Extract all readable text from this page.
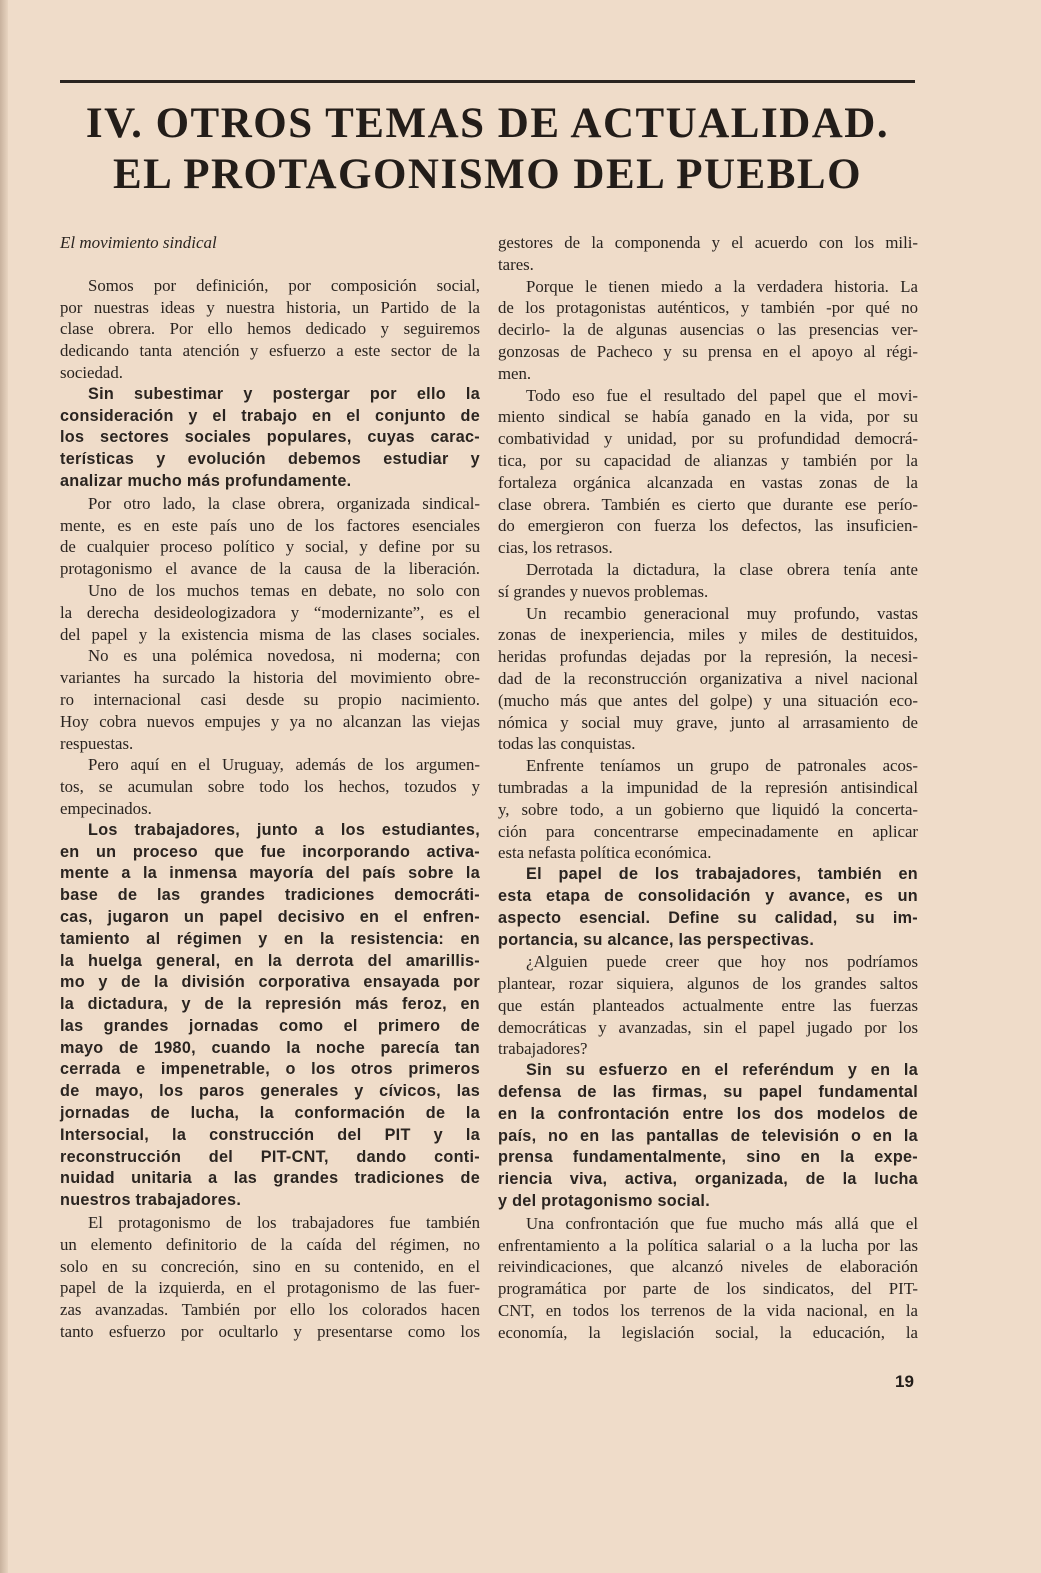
IV. OTROS TEMAS DE ACTUALIDAD.
EL PROTAGONISMO DEL PUEBLO
El movimiento sindical
Somos por definición, por composición social,
por nuestras ideas y nuestra historia, un Partido de la
clase obrera. Por ello hemos dedicado y seguiremos
dedicando tanta atención y esfuerzo a este sector de la
sociedad.
Sin subestimar y postergar por ello la
consideración y el trabajo en el conjunto de
los sectores sociales populares, cuyas carac-
terísticas y evolución debemos estudiar y
analizar mucho más profundamente.
Por otro lado, la clase obrera, organizada sindical-
mente, es en este país uno de los factores esenciales
de cualquier proceso político y social, y define por su
protagonismo el avance de la causa de la liberación.
Uno de los muchos temas en debate, no solo con
la derecha desideologizadora y “modernizante”, es el
del papel y la existencia misma de las clases sociales.
No es una polémica novedosa, ni moderna; con
variantes ha surcado la historia del movimiento obre-
ro internacional casi desde su propio nacimiento.
Hoy cobra nuevos empujes y ya no alcanzan las viejas
respuestas.
Pero aquí en el Uruguay, además de los argumen-
tos, se acumulan sobre todo los hechos, tozudos y
empecinados.
Los trabajadores, junto a los estudiantes,
en un proceso que fue incorporando activa-
mente a la inmensa mayoría del país sobre la
base de las grandes tradiciones democráti-
cas, jugaron un papel decisivo en el enfren-
tamiento al régimen y en la resistencia: en
la huelga general, en la derrota del amarillis-
mo y de la división corporativa ensayada por
la dictadura, y de la represión más feroz, en
las grandes jornadas como el primero de
mayo de 1980, cuando la noche parecía tan
cerrada e impenetrable, o los otros primeros
de mayo, los paros generales y cívicos, las
jornadas de lucha, la conformación de la
Intersocial, la construcción del PIT y la
reconstrucción del PIT-CNT, dando conti-
nuidad unitaria a las grandes tradiciones de
nuestros trabajadores.
El protagonismo de los trabajadores fue también
un elemento definitorio de la caída del régimen, no
solo en su concreción, sino en su contenido, en el
papel de la izquierda, en el protagonismo de las fuer-
zas avanzadas. También por ello los colorados hacen
tanto esfuerzo por ocultarlo y presentarse como los
gestores de la componenda y el acuerdo con los mili-
tares.
Porque le tienen miedo a la verdadera historia. La
de los protagonistas auténticos, y también -por qué no
decirlo- la de algunas ausencias o las presencias ver-
gonzosas de Pacheco y su prensa en el apoyo al régi-
men.
Todo eso fue el resultado del papel que el movi-
miento sindical se había ganado en la vida, por su
combatividad y unidad, por su profundidad democrá-
tica, por su capacidad de alianzas y también por la
fortaleza orgánica alcanzada en vastas zonas de la
clase obrera. También es cierto que durante ese perío-
do emergieron con fuerza los defectos, las insuficien-
cias, los retrasos.
Derrotada la dictadura, la clase obrera tenía ante
sí grandes y nuevos problemas.
Un recambio generacional muy profundo, vastas
zonas de inexperiencia, miles y miles de destituidos,
heridas profundas dejadas por la represión, la necesi-
dad de la reconstrucción organizativa a nivel nacional
(mucho más que antes del golpe) y una situación eco-
nómica y social muy grave, junto al arrasamiento de
todas las conquistas.
Enfrente teníamos un grupo de patronales acos-
tumbradas a la impunidad de la represión antisindical
y, sobre todo, a un gobierno que liquidó la concerta-
ción para concentrarse empecinadamente en aplicar
esta nefasta política económica.
El papel de los trabajadores, también en
esta etapa de consolidación y avance, es un
aspecto esencial. Define su calidad, su im-
portancia, su alcance, las perspectivas.
¿Alguien puede creer que hoy nos podríamos
plantear, rozar siquiera, algunos de los grandes saltos
que están planteados actualmente entre las fuerzas
democráticas y avanzadas, sin el papel jugado por los
trabajadores?
Sin su esfuerzo en el referéndum y en la
defensa de las firmas, su papel fundamental
en la confrontación entre los dos modelos de
país, no en las pantallas de televisión o en la
prensa fundamentalmente, sino en la expe-
riencia viva, activa, organizada, de la lucha
y del protagonismo social.
Una confrontación que fue mucho más allá que el
enfrentamiento a la política salarial o a la lucha por las
reivindicaciones, que alcanzó niveles de elaboración
programática por parte de los sindicatos, del PIT-
CNT, en todos los terrenos de la vida nacional, en la
economía, la legislación social, la educación, la
19
